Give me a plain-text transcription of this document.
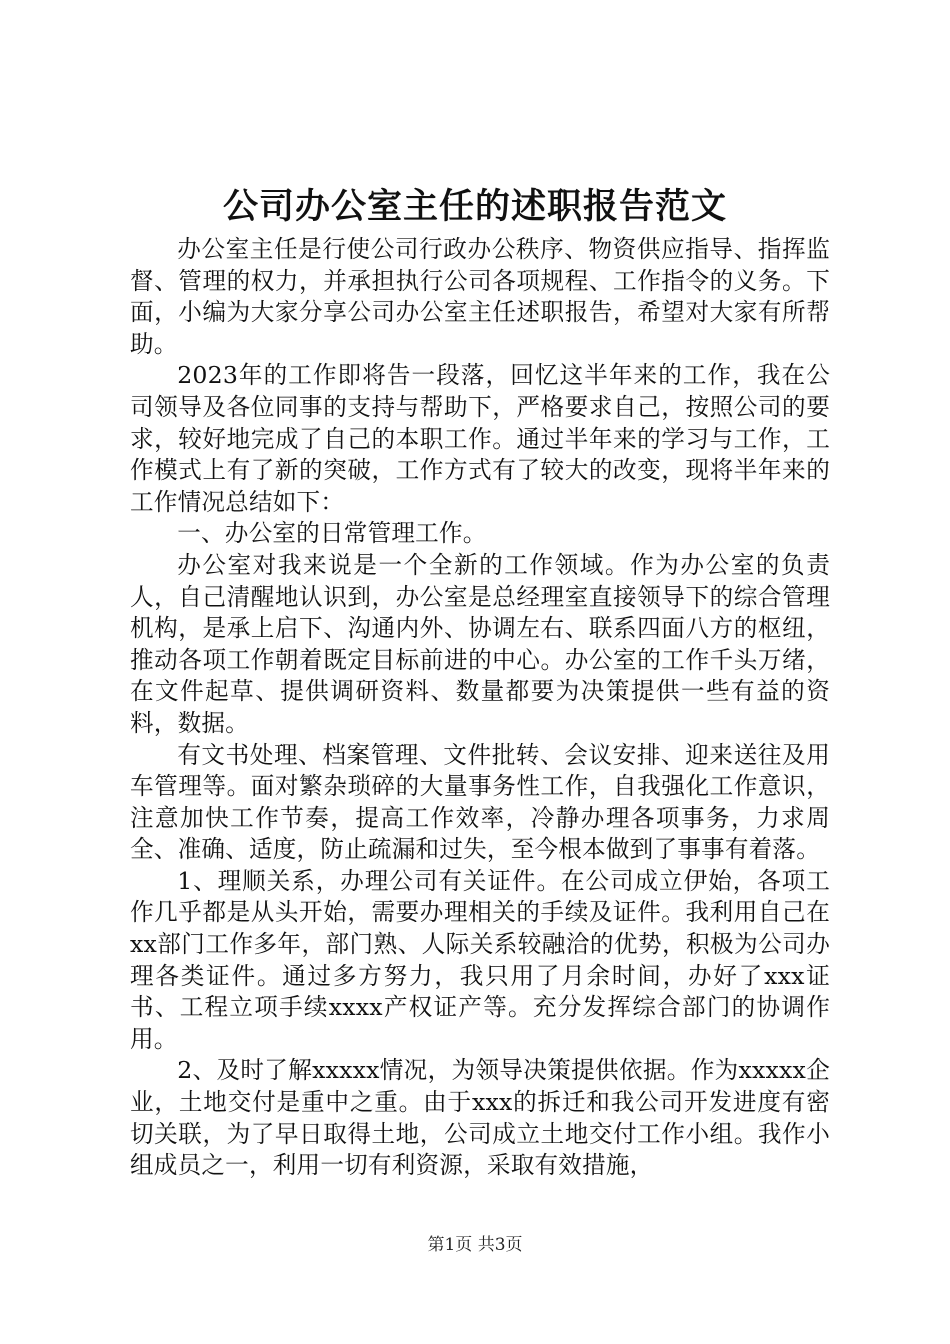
公司办公室主任的述职报告范文

办公室主任是行使公司行政办公秩序、物资供应指导、指挥监督、管理的权力，并承担执行公司各项规程、工作指令的义务。下面，小编为大家分享公司办公室主任述职报告，希望对大家有所帮助。

2023年的工作即将告一段落，回忆这半年来的工作，我在公司领导及各位同事的支持与帮助下，严格要求自己，按照公司的要求，较好地完成了自己的本职工作。通过半年来的学习与工作，工作模式上有了新的突破，工作方式有了较大的改变，现将半年来的工作情况总结如下：

一、办公室的日常管理工作。

办公室对我来说是一个全新的工作领域。作为办公室的负责人，自己清醒地认识到，办公室是总经理室直接领导下的综合管理机构，是承上启下、沟通内外、协调左右、联系四面八方的枢纽，推动各项工作朝着既定目标前进的中心。办公室的工作千头万绪，在文件起草、提供调研资料、数量都要为决策提供一些有益的资料，数据。

有文书处理、档案管理、文件批转、会议安排、迎来送往及用车管理等。面对繁杂琐碎的大量事务性工作，自我强化工作意识，注意加快工作节奏，提高工作效率，冷静办理各项事务，力求周全、准确、适度，防止疏漏和过失，至今根本做到了事事有着落。

1、理顺关系，办理公司有关证件。在公司成立伊始，各项工作几乎都是从头开始，需要办理相关的手续及证件。我利用自己在xx部门工作多年，部门熟、人际关系较融洽的优势，积极为公司办理各类证件。通过多方努力，我只用了月余时间，办好了xxx证书、工程立项手续xxxx产权证产等。充分发挥综合部门的协调作用。

2、及时了解xxxxx情况，为领导决策提供依据。作为xxxxx企业，土地交付是重中之重。由于xxx的拆迁和我公司开发进度有密切关联，为了早日取得土地，公司成立土地交付工作小组。我作小组成员之一，利用一切有利资源，采取有效措施，

第1页 共3页
